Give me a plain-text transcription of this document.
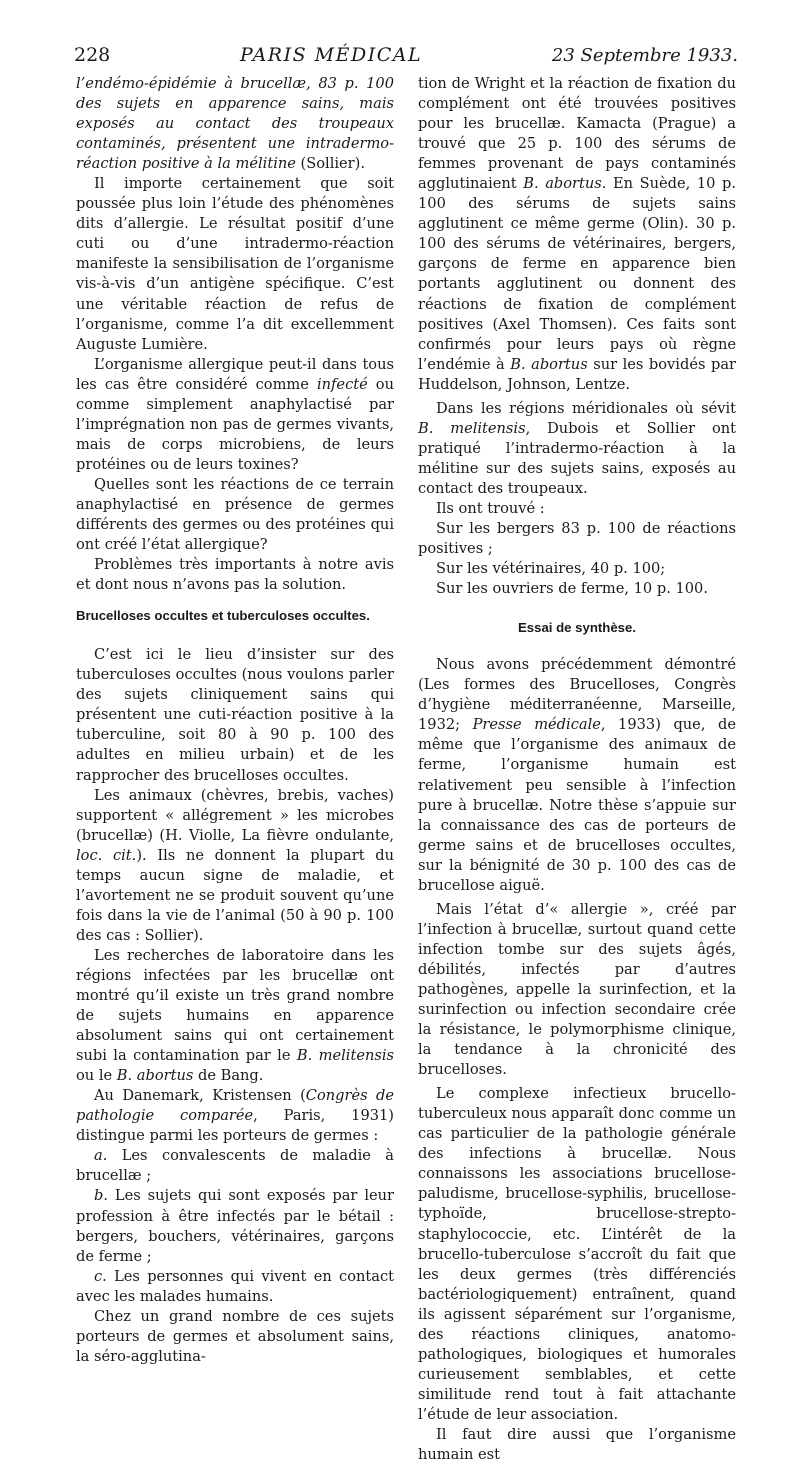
228	PARIS MÉDICAL	23 Septembre 1933.

l’endémo-épidémie à brucellæ, 83 p. 100 des sujets en apparence sains, mais exposés au contact des troupeaux contaminés, présentent une intradermo-réaction positive à la mélitine (Sollier).

Il importe certainement que soit poussée plus loin l’étude des phénomènes dits d’allergie. Le résultat positif d’une cuti ou d’une intradermo-réaction manifeste la sensibilisation de l’organisme vis-à-vis d’un antigène spécifique. C’est une véritable réaction de refus de l’organisme, comme l’a dit excellemment Auguste Lumière.

L’organisme allergique peut-il dans tous les cas être considéré comme infecté ou comme simplement anaphylactisé par l’imprégnation non pas de germes vivants, mais de corps microbiens, de leurs protéines ou de leurs toxines?

Quelles sont les réactions de ce terrain anaphylactisé en présence de germes différents des germes ou des protéines qui ont créé l’état allergique?

Problèmes très importants à notre avis et dont nous n’avons pas la solution.

Brucelloses occultes et tuberculoses occultes.

C’est ici le lieu d’insister sur des tuberculoses occultes (nous voulons parler des sujets cliniquement sains qui présentent une cuti-réaction positive à la tuberculine, soit 80 à 90 p. 100 des adultes en milieu urbain) et de les rapprocher des brucelloses occultes.

Les animaux (chèvres, brebis, vaches) supportent « allégrement » les microbes (brucellæ) (H. Violle, La fièvre ondulante, loc. cit.). Ils ne donnent la plupart du temps aucun signe de maladie, et l’avortement ne se produit souvent qu’une fois dans la vie de l’animal (50 à 90 p. 100 des cas : Sollier).

Les recherches de laboratoire dans les régions infectées par les brucellæ ont montré qu’il existe un très grand nombre de sujets humains en apparence absolument sains qui ont certainement subi la contamination par le B. melitensis ou le B. abortus de Bang.

Au Danemark, Kristensen (Congrès de pathologie comparée, Paris, 1931) distingue parmi les porteurs de germes :

a. Les convalescents de maladie à brucellæ ;

b. Les sujets qui sont exposés par leur profession à être infectés par le bétail : bergers, bouchers, vétérinaires, garçons de ferme ;

c. Les personnes qui vivent en contact avec les malades humains.

Chez un grand nombre de ces sujets porteurs de germes et absolument sains, la séro-agglutina-

tion de Wright et la réaction de fixation du complément ont été trouvées positives pour les brucellæ. Kamacta (Prague) a trouvé que 25 p. 100 des sérums de femmes provenant de pays contaminés agglutinaient B. abortus. En Suède, 10 p. 100 des sérums de sujets sains agglutinent ce même germe (Olin). 30 p. 100 des sérums de vétérinaires, bergers, garçons de ferme en apparence bien portants agglutinent ou donnent des réactions de fixation de complément positives (Axel Thomsen). Ces faits sont confirmés pour leurs pays où règne l’endémie à B. abortus sur les bovidés par Huddelson, Johnson, Lentze.

Dans les régions méridionales où sévit B. melitensis, Dubois et Sollier ont pratiqué l’intradermo-réaction à la mélitine sur des sujets sains, exposés au contact des troupeaux.

Ils ont trouvé :

Sur les bergers 83 p. 100 de réactions positives ;

Sur les vétérinaires, 40 p. 100;

Sur les ouvriers de ferme, 10 p. 100.

Essai de synthèse.

Nous avons précédemment démontré (Les formes des Brucelloses, Congrès d’hygiène méditerranéenne, Marseille, 1932; Presse médicale, 1933) que, de même que l’organisme des animaux de ferme, l’organisme humain est relativement peu sensible à l’infection pure à brucellæ. Notre thèse s’appuie sur la connaissance des cas de porteurs de germe sains et de brucelloses occultes, sur la bénignité de 30 p. 100 des cas de brucellose aiguë.

Mais l’état d’« allergie », créé par l’infection à brucellæ, surtout quand cette infection tombe sur des sujets âgés, débilités, infectés par d’autres pathogènes, appelle la surinfection, et la surinfection ou infection secondaire crée la résistance, le polymorphisme clinique, la tendance à la chronicité des brucelloses.

Le complexe infectieux brucello-tuberculeux nous apparaît donc comme un cas particulier de la pathologie générale des infections à brucellæ. Nous connaissons les associations brucellose-paludisme, brucellose-syphilis, brucellose-typhoïde, brucellose-strepto-staphylococcie, etc. L’intérêt de la brucello-tuberculose s’accroît du fait que les deux germes (très différenciés bactériologiquement) entraînent, quand ils agissent séparément sur l’organisme, des réactions cliniques, anatomo-pathologiques, biologiques et humorales curieusement semblables, et cette similitude rend tout à fait attachante l’étude de leur association.

Il faut dire aussi que l’organisme humain est
